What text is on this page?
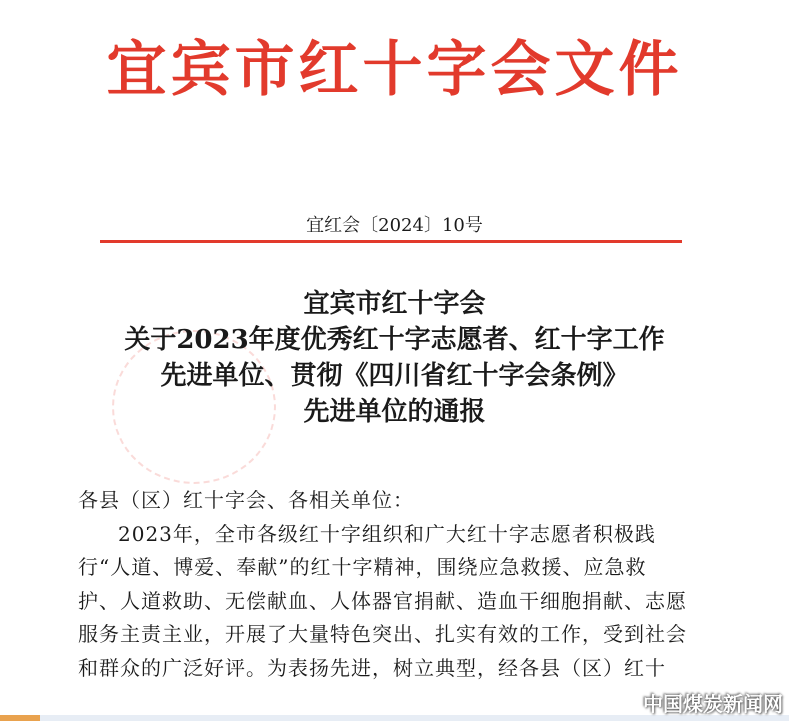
宜宾市红十字会文件
宜红会〔2024〕10号
宜宾市红十字会
关于2023年度优秀红十字志愿者、红十字工作
先进单位、贯彻《四川省红十字会条例》
先进单位的通报

各县（区）红十字会、各相关单位：

2023年，全市各级红十字组织和广大红十字志愿者积极践行“人道、博爱、奉献”的红十字精神，围绕应急救援、应急救护、人道救助、无偿献血、人体器官捐献、造血干细胞捐献、志愿服务主责主业，开展了大量特色突出、扎实有效的工作，受到社会和群众的广泛好评。为表扬先进，树立典型，经各县（区）红十

中国煤炭新闻网
